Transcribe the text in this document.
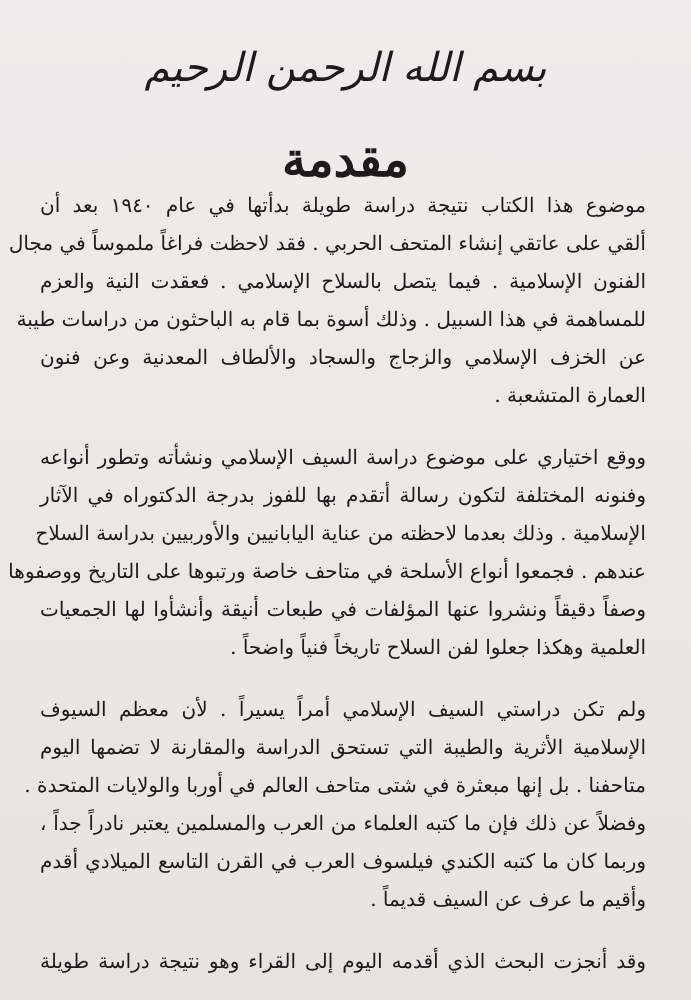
بسم الله الرحمن الرحيم
مقدمة

موضوع هذا الكتاب نتيجة دراسة طويلة بدأتها في عام ١٩٤٠ بعد أن
ألقي على عاتقي إنشاء المتحف الحربي . فقد لاحظت فراغاً ملموساً في مجال
الفنون الإسلامية . فيما يتصل بالسلاح الإسلامي . فعقدت النية والعزم
للمساهمة في هذا السبيل . وذلك أسوة بما قام به الباحثون من دراسات طيبة
عن الخزف الإسلامي والزجاج والسجاد والألطاف المعدنية وعن فنون
العمارة المتشعبة .

ووقع اختياري على موضوع دراسة السيف الإسلامي ونشأته وتطور أنواعه
وفنونه المختلفة لتكون رسالة أتقدم بها للفوز بدرجة الدكتوراه في الآثار
الإسلامية . وذلك بعدما لاحظته من عناية اليابانيين والأوربيين بدراسة السلاح
عندهم . فجمعوا أنواع الأسلحة في متاحف خاصة ورتبوها على التاريخ ووصفوها
وصفاً دقيقاً ونشروا عنها المؤلفات في طبعات أنيقة وأنشأوا لها الجمعيات
العلمية وهكذا جعلوا لفن السلاح تاريخاً فنياً واضحاً .

ولم تكن دراستي السيف الإسلامي أمراً يسيراً . لأن معظم السيوف
الإسلامية الأثرية والطيبة التي تستحق الدراسة والمقارنة لا تضمها اليوم
متاحفنا . بل إنها مبعثرة في شتى متاحف العالم في أوربا والولايات المتحدة .
وفضلاً عن ذلك فإن ما كتبه العلماء من العرب والمسلمين يعتبر نادراً جداً ،
وربما كان ما كتبه الكندي فيلسوف العرب في القرن التاسع الميلادي أقدم
وأقيم ما عرف عن السيف قديماً .

وقد أنجزت البحث الذي أقدمه اليوم إلى القراء وهو نتيجة دراسة طويلة
